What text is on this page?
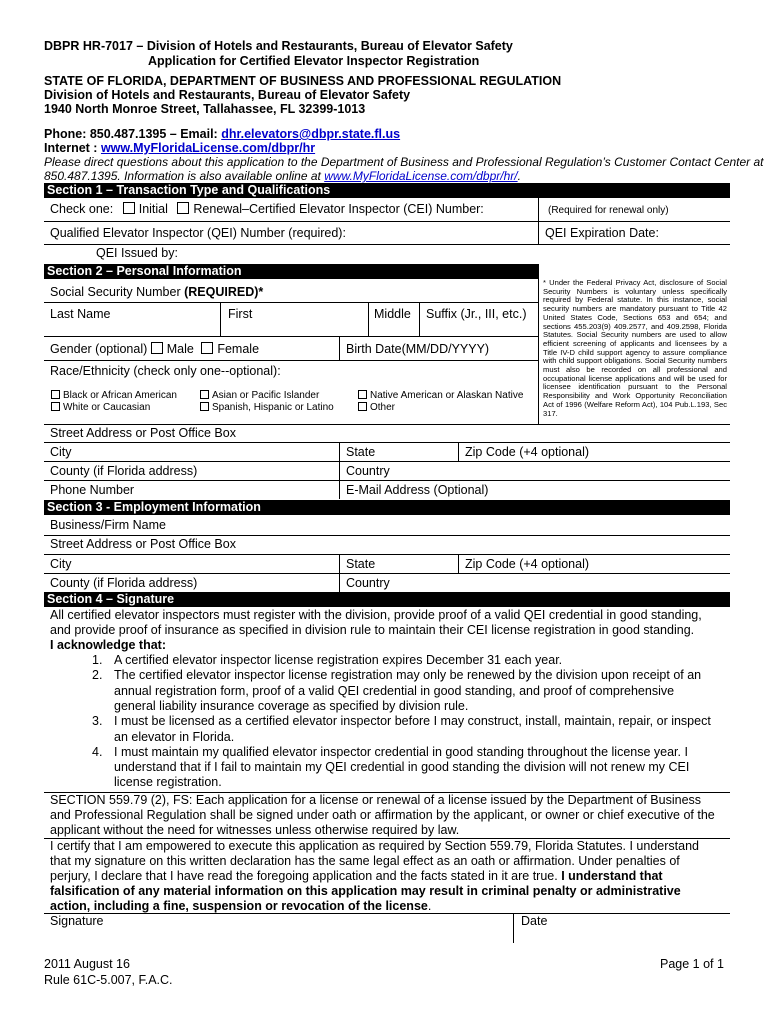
DBPR HR-7017 – Division of Hotels and Restaurants, Bureau of Elevator Safety
Application for Certified Elevator Inspector Registration
STATE OF FLORIDA, DEPARTMENT OF BUSINESS AND PROFESSIONAL REGULATION
Division of Hotels and Restaurants, Bureau of Elevator Safety
1940 North Monroe Street, Tallahassee, FL 32399-1013
Phone: 850.487.1395 – Email: dhr.elevators@dbpr.state.fl.us
Internet : www.MyFloridaLicense.com/dbpr/hr
Please direct questions about this application to the Department of Business and Professional Regulation’s Customer Contact Center at
850.487.1395. Information is also available online at www.MyFloridaLicense.com/dbpr/hr/.
Section 1 – Transaction Type and Qualifications
Check one: Initial Renewal–Certified Elevator Inspector (CEI) Number:	(Required for renewal only)
Qualified Elevator Inspector (QEI) Number (required):	QEI Expiration Date:
QEI Issued by:
Section 2 – Personal Information
* Under the Federal Privacy Act, disclosure of Social Security Numbers is voluntary unless specifically required by Federal statute. In this instance, social security numbers are mandatory pursuant to Title 42 United States Code, Sections 653 and 654; and sections 455.203(9) 409.2577, and 409.2598, Florida Statutes. Social Security numbers are used to allow efficient screening of applicants and licensees by a Title IV-D child support agency to assure compliance with child support obligations. Social Security numbers must also be recorded on all professional and occupational license applications and will be used for licensee identification pursuant to the Personal Responsibility and Work Opportunity Reconciliation Act of 1996 (Welfare Reform Act), 104 Pub.L.193, Sec 317.
Social Security Number (REQUIRED)*
Last Name	First	Middle Suffix (Jr., III, etc.)
Gender (optional) Male Female	Birth Date(MM/DD/YYYY)
Race/Ethnicity (check only one--optional):
Black or African American	Asian or Pacific Islander	Native American or Alaskan Native
White or Caucasian	Spanish, Hispanic or Latino	Other
Street Address or Post Office Box
City	State	Zip Code (+4 optional)
County (if Florida address)	Country
Phone Number	E-Mail Address (Optional)
Section 3 - Employment Information
Business/Firm Name
Street Address or Post Office Box
City	State	Zip Code (+4 optional)
County (if Florida address)	Country
Section 4 – Signature
All certified elevator inspectors must register with the division, provide proof of a valid QEI credential in good standing,
and provide proof of insurance as specified in division rule to maintain their CEI license registration in good standing.
I acknowledge that:
1. A certified elevator inspector license registration expires December 31 each year.
2. The certified elevator inspector license registration may only be renewed by the division upon receipt of an
annual registration form, proof of a valid QEI credential in good standing, and proof of comprehensive
general liability insurance coverage as specified by division rule.
3. I must be licensed as a certified elevator inspector before I may construct, install, maintain, repair, or inspect
an elevator in Florida.
4. I must maintain my qualified elevator inspector credential in good standing throughout the license year. I
understand that if I fail to maintain my QEI credential in good standing the division will not renew my CEI
license registration.
SECTION 559.79 (2), FS: Each application for a license or renewal of a license issued by the Department of Business
and Professional Regulation shall be signed under oath or affirmation by the applicant, or owner or chief executive of the
applicant without the need for witnesses unless otherwise required by law.
I certify that I am empowered to execute this application as required by Section 559.79, Florida Statutes. I understand
that my signature on this written declaration has the same legal effect as an oath or affirmation. Under penalties of
perjury, I declare that I have read the foregoing application and the facts stated in it are true. I understand that
falsification of any material information on this application may result in criminal penalty or administrative
action, including a fine, suspension or revocation of the license.
Signature	Date
2011 August 16
Rule 61C-5.007, F.A.C.
Page 1 of 1
